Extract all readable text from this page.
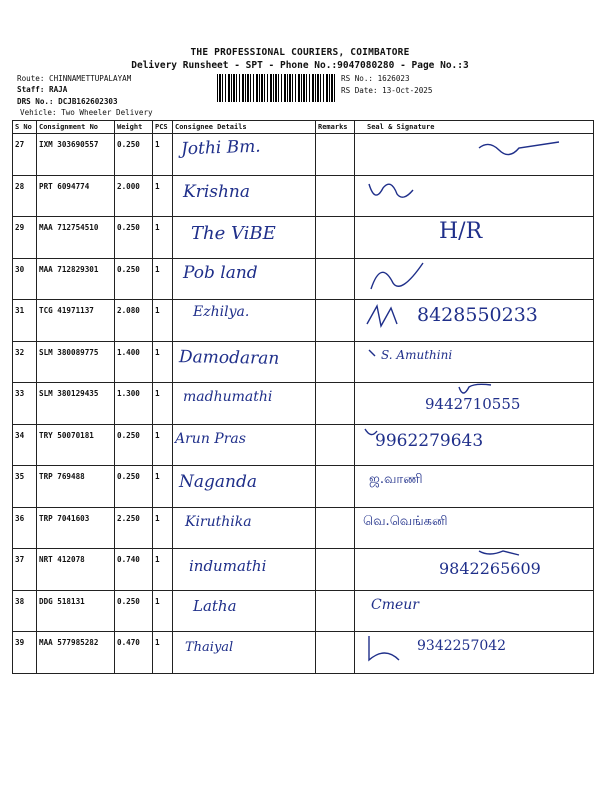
THE PROFESSIONAL COURIERS, COIMBATORE
Delivery Runsheet - SPT - Phone No.:9047080280 - Page No.:3
Route: CHINNAMETTUPALAYAM
Staff: RAJA
DRS No.: DCJB162602303
Vehicle: Two Wheeler Delivery
RS No.: 1626023
RS Date: 13-Oct-2025
S No	Consignment No	Weight	PCS	Consignee Details	Remarks	Seal & Signature
27	IXM 303690557	0.250	1	Jothi Bm.

28	PRT 6094774	2.000	1	Krishna

29	MAA 712754510	0.250	1	The ViBE		H/R

30	MAA 712829301	0.250	1	Pob land

31	TCG 41971137	2.080	1	Ezhilya.		8428550233

32	SLM 380089775	1.400	1	Damodaran		S. Amuthini

33	SLM 380129435	1.300	1	madhumathi		9442710555

34	TRY 50070181	0.250	1	Arun Pras		9962279643

35	TRP 769488	0.250	1	Naganda		ஜ.வாணி

36	TRP 7041603	2.250	1	Kiruthika		வெ.வெங்கனி

37	NRT 412078	0.740	1	indumathi		9842265609

38	DDG 518131	0.250	1	Latha		Cmeur

39	MAA 577985282	0.470	1	Thaiyal		9342257042
